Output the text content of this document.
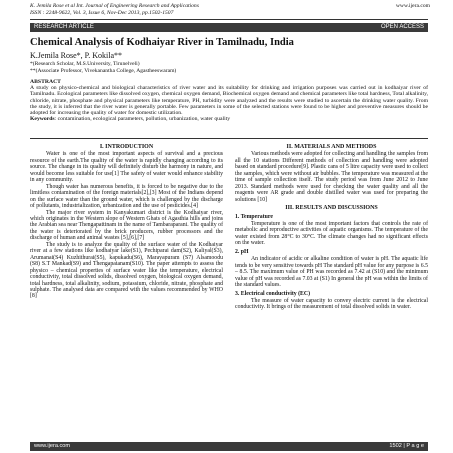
K. Jemila Rose et al Int. Journal of Engineering Research and Applications
ISSN : 2248-9622, Vol. 3, Issue 6, Nov-Dec 2013, pp.1502-1507
www.ijera.com
RESEARCH ARTICLE	OPEN ACCESS
Chemical Analysis of Kodhaiyar River in Tamilnadu, India
K.Jemila Rose*, P. Kokila**
*(Research Scholar, M.S.University, Tirunelveli)
**(Associate Professor, Vivekanantha College, Agastheeswaram)
ABSTRACT
A study on physico-chemical and biological characteristics of river water and its suitability for drinking and irrigation purposes was carried out in kodhaiyar river of Tamilnadu. Ecological parameters like dissolved oxygen, chemical oxygen demand, Biochemical oxygen demand and chemical parameters like total hardness, Total alkalinity, chloride, nitrate, phosphate and physical parameters like temperature, PH, turbidity were analyzed and the results were studied to ascertain the drinking water quality. From the study, it is inferred that the river water is generally portable. Few parameters in some of the selected stations were found to be higher and preventive measures should be adopted for increasing the quality of water for domestic utilization.
Keywords: contamination, ecological parameters, pollution, urbanization, water quality
I. INTRODUCTION

Water is one of the most important aspects of survival and a precious resource of the earth.The quality of the water is rapidly changing according to its source. The change in its quality will definitely disturb the harmony in nature, and would become less suitable for use[1] The safety of water would enhance stability in any community.

Though water has numerous benefits, it is forced to be negative due to the limitless contamination of the foreign materials[2],[3] Most of the Indians depend on the surface water than the ground water, which is challenged by the discharge of pollutants, industrialization, urbanization and the use of pesticides.[4]

The major river system in Kanyakumari district is the Kodhaiyar river, which originates in the Western slope of Western Ghats of Agasthia hills and joins the Arabian sea near Thengapattinam in the name of Tambaraparani. The quality of the water is deteriorated by the brick producers, rubber processors and the discharge of human and animal wastes [5],[6],[7]

The study is to analyze the quality of the surface water of the Kodhaiyar river at a few stations like kodhaiyar lake(S1), Pechiparai dam(S2), Kaliyal(S3), Arumanai(S4) Kuzhithurai(S5), kapukadu(S6), Marayapuram (S7) Alsamoodu (S8) S.T Mankad(S9) and Thengapatanam(S10). The paper attempts to assess the physico – chemical properties of surface water like the temperature, electrical conductivity, total dissolved solids, dissolved oxygen, biological oxygen demand, total hardness, total alkalinity, sodium, potassium, chloride, nitrate, phosphate and sulphate. The analysed data are compared with the values recommended by WHO [8]

II. MATERIALS AND METHODS

Various methods were adopted for collecting and handling the samples from all the 10 stations Different methods of collection and handling were adopted based on standard procedure[9]. Plastic cans of 5 litre capacity were used to collect the samples, which were without air bubbles. The temperature was measured at the time of sample collection itself. The study period was from June 2012 to June 2013. Standard methods were used for checking the water quality and all the reagents were AR grade and double distilled water was used for preparing the solutions [10]

III. RESULTS AND DISCUSSIONS
1. Temperature

Temperature is one of the most important factors that controls the rate of metabolic and reproductive activities of aquatic organisms. The temperature of the water existed from 28°C to 30°C. The climate changes had no significant effects on the water.

2. pH

An indicator of acidic or alkaline condition of water is pH. The aquatic life tends to be very sensitive towards pH The standard pH value for any purpose is 6.5 – 8.5. The maximum value of PH was recorded as 7.42 at (S10) and the minimum value of pH was recorded as 7.03 at (S1) In general the pH was within the limits of the standard values.

3. Electrical conductivity (EC)

The measure of water capacity to convey electric current is the electrical conductivity. It brings of the measurement of total dissolved solids in water.

www.ijera.com	1502 | P a g e
